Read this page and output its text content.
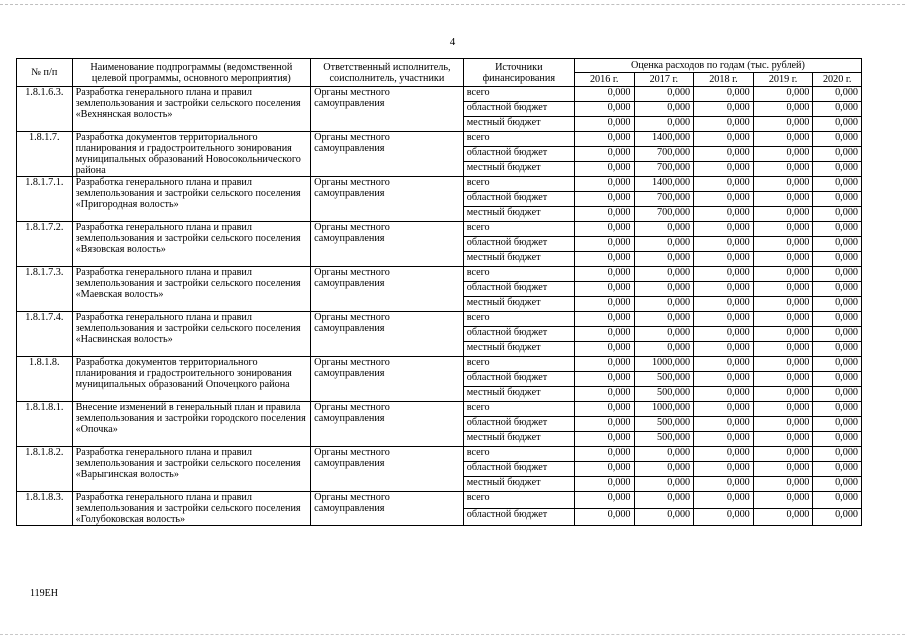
4
№ п/п	Наименование подпрограммы (ведомственной целевой программы, основного мероприятия)	Ответственный исполнитель, соисполнитель, участники	Источники финансирования	Оценка расходов по годам (тыс. рублей)				
				2016 г.	2017 г.	2018 г.	2019 г.	2020 г.
1.8.1.6.3.	Разработка генерального плана и правил землепользования и застройки сельского поселения «Вехнянская волость»	Органы местного самоуправления	всего	0,000	0,000	0,000	0,000	0,000
			областной бюджет	0,000	0,000	0,000	0,000	0,000
			местный бюджет	0,000	0,000	0,000	0,000	0,000
1.8.1.7.	Разработка документов территориального планирования и градостроительного зонирования муниципальных образований Новосокольнического района	Органы местного самоуправления	всего	0,000	1400,000	0,000	0,000	0,000
			областной бюджет	0,000	700,000	0,000	0,000	0,000
			местный бюджет	0,000	700,000	0,000	0,000	0,000
1.8.1.7.1.	Разработка генерального плана и правил землепользования и застройки сельского поселения «Пригородная волость»	Органы местного самоуправления	всего	0,000	1400,000	0,000	0,000	0,000
			областной бюджет	0,000	700,000	0,000	0,000	0,000
			местный бюджет	0,000	700,000	0,000	0,000	0,000
1.8.1.7.2.	Разработка генерального плана и правил землепользования и застройки сельского поселения «Вязовская волость»	Органы местного самоуправления	всего	0,000	0,000	0,000	0,000	0,000
			областной бюджет	0,000	0,000	0,000	0,000	0,000
			местный бюджет	0,000	0,000	0,000	0,000	0,000
1.8.1.7.3.	Разработка генерального плана и правил землепользования и застройки сельского поселения «Маевская волость»	Органы местного самоуправления	всего	0,000	0,000	0,000	0,000	0,000
			областной бюджет	0,000	0,000	0,000	0,000	0,000
			местный бюджет	0,000	0,000	0,000	0,000	0,000
1.8.1.7.4.	Разработка генерального плана и правил землепользования и застройки сельского поселения «Насвинская волость»	Органы местного самоуправления	всего	0,000	0,000	0,000	0,000	0,000
			областной бюджет	0,000	0,000	0,000	0,000	0,000
			местный бюджет	0,000	0,000	0,000	0,000	0,000
1.8.1.8.	Разработка документов территориального планирования и градостроительного зонирования муниципальных образований Опочецкого района	Органы местного самоуправления	всего	0,000	1000,000	0,000	0,000	0,000
			областной бюджет	0,000	500,000	0,000	0,000	0,000
			местный бюджет	0,000	500,000	0,000	0,000	0,000
1.8.1.8.1.	Внесение изменений в генеральный план и правила землепользования и застройки городского поселения «Опочка»	Органы местного самоуправления	всего	0,000	1000,000	0,000	0,000	0,000
			областной бюджет	0,000	500,000	0,000	0,000	0,000
			местный бюджет	0,000	500,000	0,000	0,000	0,000
1.8.1.8.2.	Разработка генерального плана и правил землепользования и застройки сельского поселения «Варыгинская волость»	Органы местного самоуправления	всего	0,000	0,000	0,000	0,000	0,000
			областной бюджет	0,000	0,000	0,000	0,000	0,000
			местный бюджет	0,000	0,000	0,000	0,000	0,000
1.8.1.8.3.	Разработка генерального плана и правил землепользования и застройки сельского поселения «Голубоковская волость»	Органы местного самоуправления	всего	0,000	0,000	0,000	0,000	0,000
			областной бюджет	0,000	0,000	0,000	0,000	0,000
119ЕН
